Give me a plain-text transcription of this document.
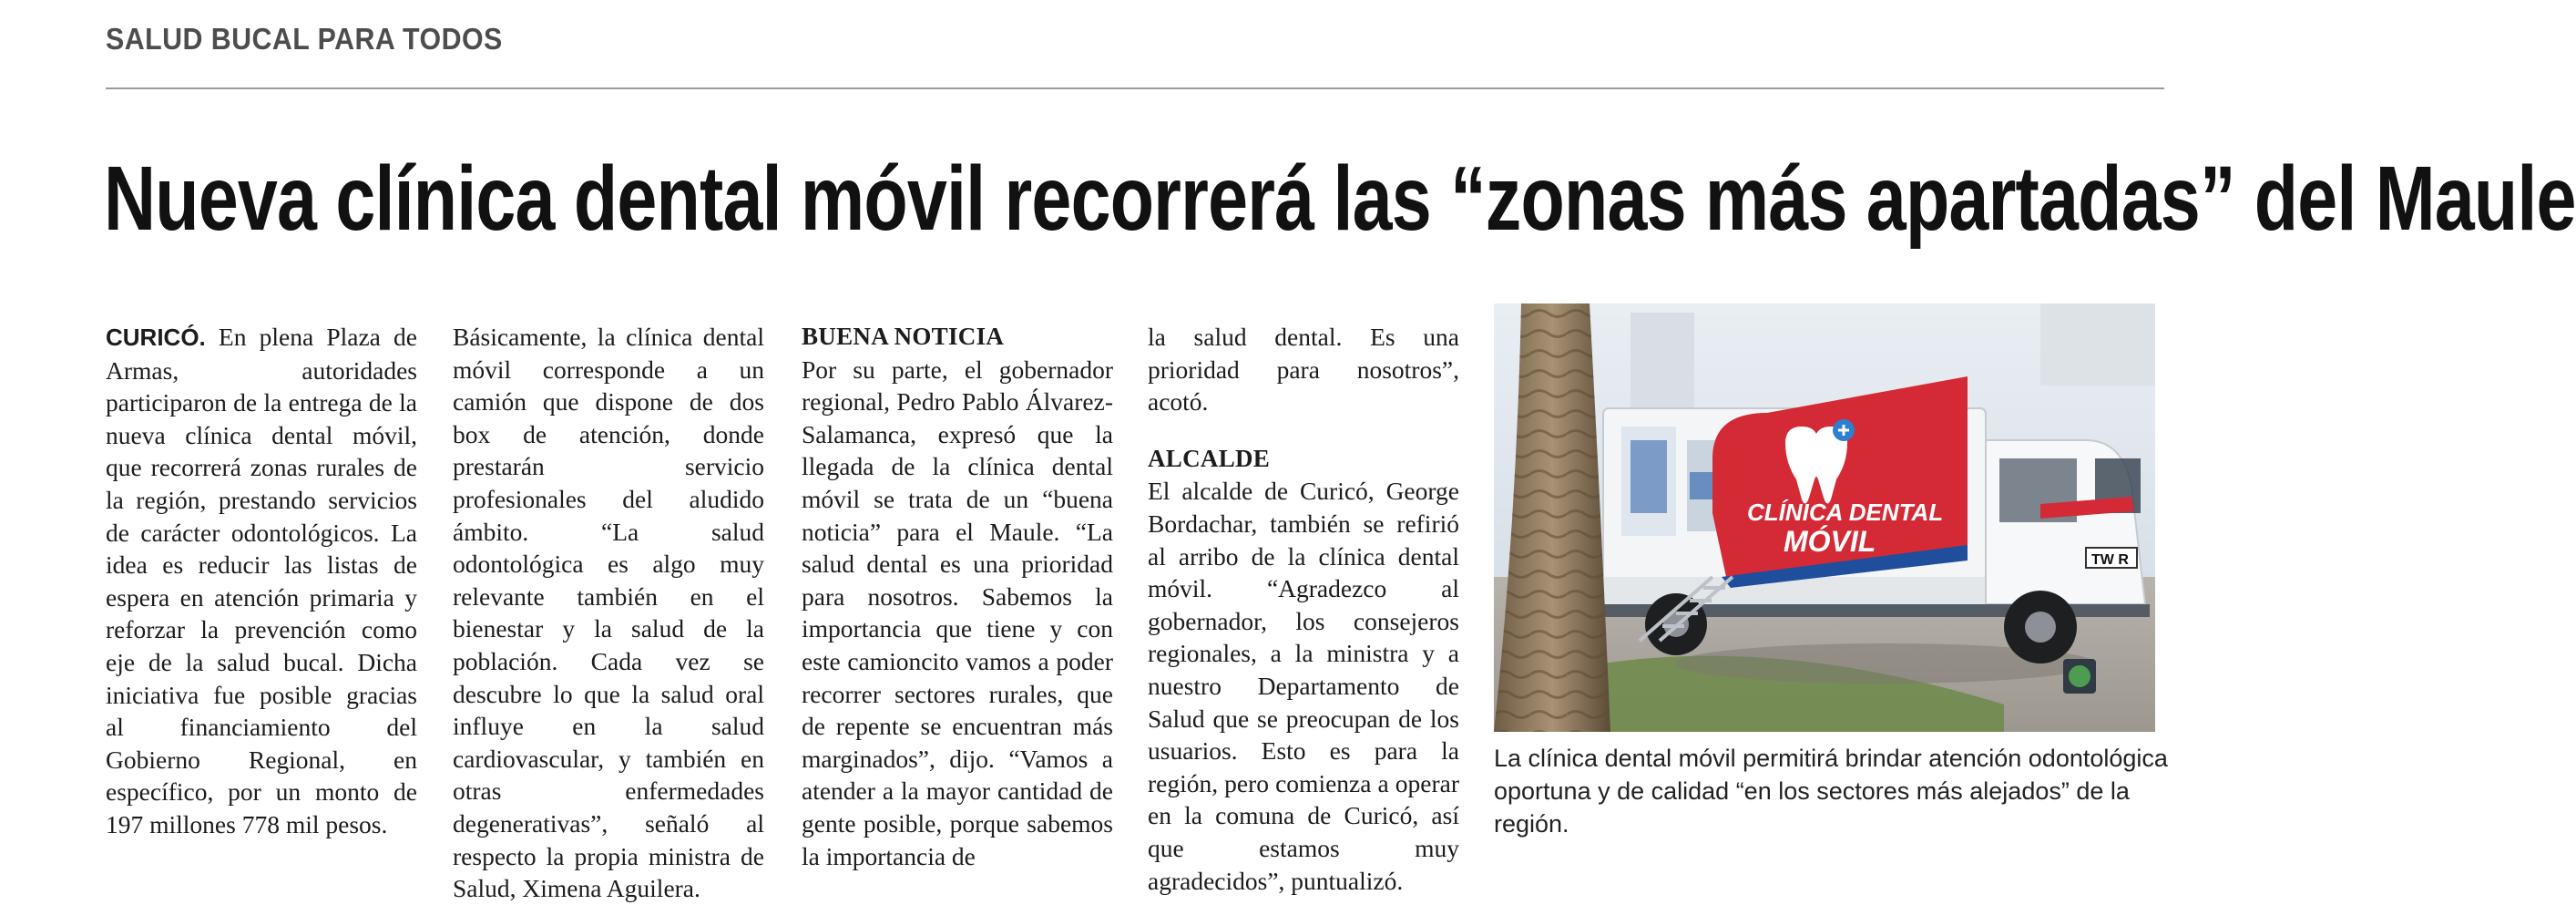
SALUD BUCAL PARA TODOS
Nueva clínica dental móvil recorrerá las “zonas más apartadas” del Maule

CURICÓ. En plena Plaza de Armas, autoridades participaron de la entrega de la nueva clínica dental móvil, que recorrerá zonas rurales de la región, prestando servicios de carácter odontológicos. La idea es reducir las listas de espera en atención primaria y reforzar la prevención como eje de la salud bucal. Dicha iniciativa fue posible gracias al financiamiento del Gobierno Regional, en específico, por un monto de 197 millones 778 mil pesos.

Básicamente, la clínica dental móvil corresponde a un camión que dispone de dos box de atención, donde prestarán servicio profesionales del aludido ámbito. “La salud odontológica es algo muy relevante también en el bienestar y la salud de la población. Cada vez se descubre lo que la salud oral influye en la salud cardiovascular, y también en otras enfermedades degenerativas”, señaló al respecto la propia ministra de Salud, Ximena Aguilera.

BUENA NOTICIA

Por su parte, el gobernador regional, Pedro Pablo Álvarez-Salamanca, expresó que la llegada de la clínica dental móvil se trata de un “buena noticia” para el Maule. “La salud dental es una prioridad para nosotros. Sabemos la importancia que tiene y con este camioncito vamos a poder recorrer sectores rurales, que de repente se encuentran más marginados”, dijo. “Vamos a atender a la mayor cantidad de gente posible, porque sabemos la importancia de

la salud dental. Es una prioridad para nosotros”, acotó.

ALCALDE

El alcalde de Curicó, George Bordachar, también se refirió al arribo de la clínica dental móvil. “Agradezco al gobernador, los consejeros regionales, a la ministra y a nuestro Departamento de Salud que se preocupan de los usuarios. Esto es para la región, pero comienza a operar en la comuna de Curicó, así que estamos muy agradecidos”, puntualizó.

CLÍNICA DENTAL
MÓVIL
TW R
La clínica dental móvil permitirá brindar atención odontológica oportuna y de calidad “en los sectores más alejados” de la región.
